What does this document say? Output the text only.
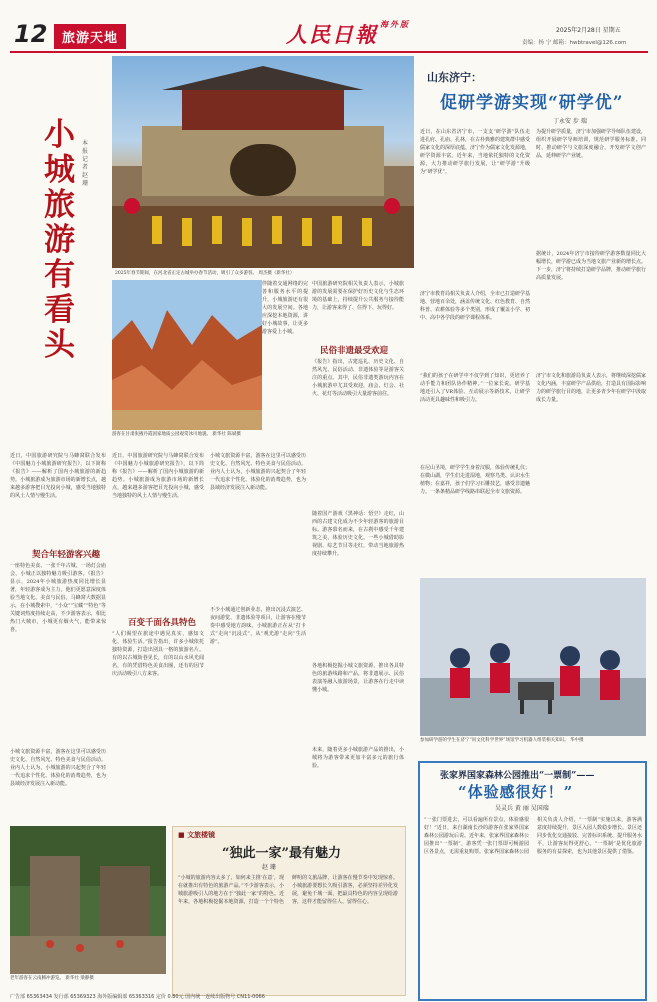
12	旅游天地	人民日報 $^{海外版}$
2025年2月28日 星期五
责编：杨 宁 邮箱：hwbtravel@126.com
小城旅游有看头
本报记者
赵 珊
2025年春节期间，在河北省正定古城举办春节活动，吸引了众多游客。 周杰摄（新华社）
游客在甘肃张掖丹霞国家地质公园观赏冰川地貌。 新华社 陈斌摄
近日，中国旅游研究院与马蜂窝联合发布《中国魅力小城旅游研究报告》，以下简称《报告》——解析了国内小城旅游的新趋势。小城旅游成为旅游市场的新增长点，越来越多游客把目光投向小城，感受当地独特的风土人情与慢生活。
契合年轻游客兴趣
一座特色美食、一张千年古城、一场灯会庙会，小城正以独特魅力吸引游客。《报告》显示，2024年小城旅游热度同比增长显著，年轻游客成为主力，他们更愿意深度体验当地文化、美食与民俗。马蜂窝大数据显示，在小城搜索中，“小众”“宝藏”“特色”等关键词热度持续走高，不少游客表示，相比热门大城市，小城更有烟火气，能带来惊喜。
小城文旅资源丰富，游客在这里可以感受历史文化、自然风光、特色美食与民俗活动。业内人士认为，小城旅游的兴起契合了年轻一代追求个性化、体验化的消费趋势，也为县域经济发展注入新动能。
近日，中国旅游研究院与马蜂窝联合发布《中国魅力小城旅游研究报告》，以下简称《报告》——解析了国内小城旅游的新趋势。小城旅游成为旅游市场的新增长点，越来越多游客把目光投向小城，感受当地独特的风土人情与慢生活。
小城文旅资源丰富，游客在这里可以感受历史文化、自然风光、特色美食与民俗活动。业内人士认为，小城旅游的兴起契合了年轻一代追求个性化、体验化的消费趋势，也为县域经济发展注入新动能。
百变千面各具特色
“人们渴望在旅途中遇见真实，感知文化、体验生活。”报告指出，许多小城依托独特资源，打造出别具一格的旅游名片。有的以古城街巷见长，有的以山水风光闻名，有的凭借特色美食出圈，还有的因节庆活动吸引八方来客。
不少小城通过创新业态，推出沉浸式演艺、夜间游览、非遗体验等项目，让游客在慢节奏中感受地方韵味。小城旅游正在从“打卡式”走向“沉浸式”，从“观光游”走向“生活游”。
中国旅游研究院相关负责人表示，小城旅游的发展需要在保护好历史文化与生态环境的基础上，持续提升公共服务与接待能力，让游客来得了、住得下、玩得好。
民俗非遗最受欢迎
《报告》指出，古建巡礼、历史文化、自然风光、民俗活动、非遗体验等是游客关注的重点。其中，民俗非遗类游玩内容在小城旅游中尤其受欢迎，庙会、灯会、社火、花灯等活动吸引大量游客前往。
随着国产游戏《黑神话：悟空》走红，山西的古建文化成为不少年轻游客的旅游目标。游客慕名而来，在古刹中感受千年建筑之美，体验历史文化。一些小城借助影视剧、综艺节目等走红，带动当地旅游热度持续攀升。
各地积极挖掘小城文旅资源，推出各具特色的旅游线路和产品，将非遗展示、民俗表演等融入旅游场景，让游客在行走中读懂小城。
未来，随着更多小城旅游产品的推出，小城将为游客带来更加丰富多元的旅行体验。
伴随着交通网络的完善和服务水平的提升，小城旅游还有很大的发展空间。各地应深挖本地资源，讲好小城故事，让更多游客爱上小城。
老年游客在云南腾冲游览。 新华社 梁静摄
■ 文旅楼镜
“独此一家”最有魅力
赵 珊
“小城的旅游内容太多了，如何来主推‘在意’，现在就推出有特色的旅游产品。”不少游客表示，小城旅游吸引人的地方在于“独此一家”的特色。近年来，各地积极挖掘本地资源，打造一个个特色鲜明的文旅品牌，让游客在慢节奏中发现惊喜。小城旅游要想长久吸引游客，必须坚持差异化发展，避免千城一面，把最具特色的内容呈现给游客，这样才能留得住人、留得住心。
山东济宁：
促研学游实现“研学优”
丁永安 步 瑞
近日，在山东省济宁市，一支支“研学游”队伍走进孔府、孔庙、孔林，在古朴典雅的建筑群中感受儒家文化的深厚底蕴。济宁作为儒家文化发源地，研学资源丰富。近年来，当地依托独特的文化资源，大力推动研学旅行发展，让“研学游”升级为“研学优”。
济宁市教育局相关负责人介绍，全市已打造研学基地、营地百余处，涵盖传统文化、红色教育、自然科普、农耕体验等多个类别，形成了覆盖小学、初中、高中各学段的研学课程体系。
“我们的孩子在研学中不仅学到了知识，更培养了动手能力和团队协作精神。”一位家长说。研学基地还引入了VR体验、互动展示等新技术，让研学活动更具趣味性和吸引力。
在尼山圣境，研学学生身着汉服，体验传统礼仪；在微山湖，学生们走进湿地，观察鸟类、认识水生植物；在嘉祥，孩子们学习石雕技艺，感受非遗魅力。一条条精品研学线路串联起全市文旅资源。
为提升研学质量，济宁市加强研学导师队伍建设，组织开展研学导师培训，规范研学服务标准。同时，推动研学与文旅深度融合，开发研学文创产品，延伸研学产业链。
据统计，2024年济宁市接待研学游客数量同比大幅增长，研学游已成为当地文旅产业新的增长点。下一步，济宁将持续打造研学品牌，推动研学旅行高质量发展。
济宁市文化和旅游局负责人表示，将继续深挖儒家文化内涵，丰富研学产品供给，打造具有国际影响力的研学旅行目的地，让更多青少年在研学中汲取成长力量。
参加研学游的学生在济宁“问文化科学世界”场馆学习机器人组装相关知识。 华中摄
张家界国家森林公园推出“一票制”——
“体验感很好！”
吴灵兵 黄 丽 吴国瑞
“一张门票进去，可以看遍所有景点，体验感很好！”近日，来自湖南长沙的游客在张家界国家森林公园游玩后说。近年来，张家界国家森林公园推出“一票制”，游客凭一张门票即可畅游园区各景点，无需重复购票。张家界国家森林公园相关负责人介绍，“一票制”实施以来，游客满意度持续提升，景区入园人数稳步增长。景区还同步优化交通接驳、完善标识系统、提升服务水平，让游客玩得更舒心。“一票制”是优化旅游服务的有益探索，也为其他景区提供了借鉴。
广告部 65363434 发行部 65369323 海外版编辑部 65363316 定价 0.80元 国内统一连续出版物号 CN11-0066
